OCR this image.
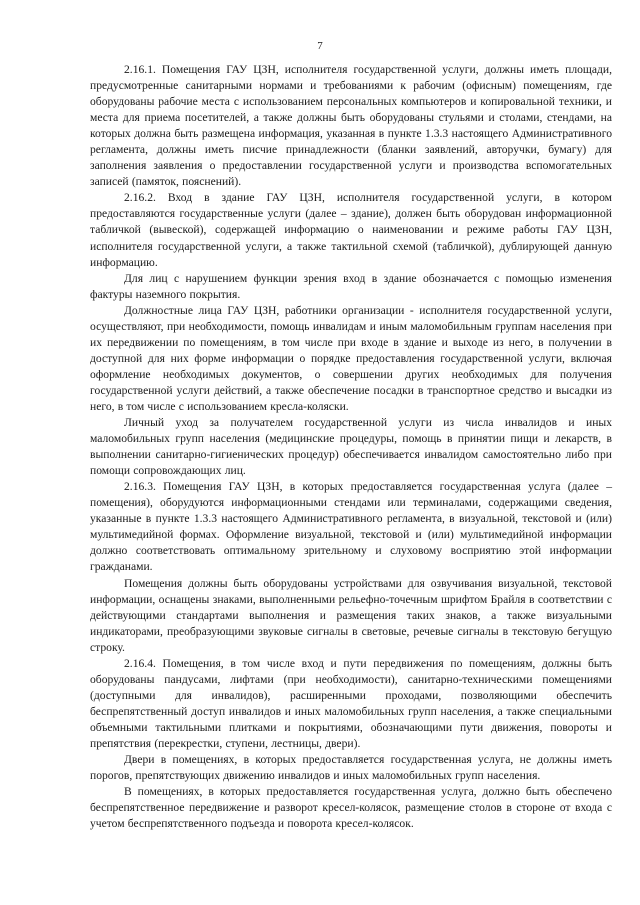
7

2.16.1. Помещения ГАУ ЦЗН, исполнителя государственной услуги, должны иметь площади, предусмотренные санитарными нормами и требованиями к рабочим (офисным) помещениям, где оборудованы рабочие места с использованием персональных компьютеров и копировальной техники, и места для приема посетителей, а также должны быть оборудованы стульями и столами, стендами, на которых должна быть размещена информация, указанная в пункте 1.3.3 настоящего Административного регламента, должны иметь писчие принадлежности (бланки заявлений, авторучки, бумагу) для заполнения заявления о предоставлении государственной услуги и производства вспомогательных записей (памяток, пояснений).

2.16.2. Вход в здание ГАУ ЦЗН, исполнителя государственной услуги, в котором предоставляются государственные услуги (далее – здание), должен быть оборудован информационной табличкой (вывеской), содержащей информацию о наименовании и режиме работы ГАУ ЦЗН, исполнителя государственной услуги, а также тактильной схемой (табличкой), дублирующей данную информацию.

Для лиц с нарушением функции зрения вход в здание обозначается с помощью изменения фактуры наземного покрытия.

Должностные лица ГАУ ЦЗН, работники организации - исполнителя государственной услуги, осуществляют, при необходимости, помощь инвалидам и иным маломобильным группам населения при их передвижении по помещениям, в том числе при входе в здание и выходе из него, в получении в доступной для них форме информации о порядке предоставления государственной услуги, включая оформление необходимых документов, о совершении других необходимых для получения государственной услуги действий, а также обеспечение посадки в транспортное средство и высадки из него, в том числе с использованием кресла-коляски.

Личный уход за получателем государственной услуги из числа инвалидов и иных маломобильных групп населения (медицинские процедуры, помощь в принятии пищи и лекарств, в выполнении санитарно-гигиенических процедур) обеспечивается инвалидом самостоятельно либо при помощи сопровождающих лиц.

2.16.3. Помещения ГАУ ЦЗН, в которых предоставляется государственная услуга (далее – помещения), оборудуются информационными стендами или терминалами, содержащими сведения, указанные в пункте 1.3.3 настоящего Административного регламента, в визуальной, текстовой и (или) мультимедийной формах. Оформление визуальной, текстовой и (или) мультимедийной информации должно соответствовать оптимальному зрительному и слуховому восприятию этой информации гражданами.

Помещения должны быть оборудованы устройствами для озвучивания визуальной, текстовой информации, оснащены знаками, выполненными рельефно-точечным шрифтом Брайля в соответствии с действующими стандартами выполнения и размещения таких знаков, а также визуальными индикаторами, преобразующими звуковые сигналы в световые, речевые сигналы в текстовую бегущую строку.

2.16.4. Помещения, в том числе вход и пути передвижения по помещениям, должны быть оборудованы пандусами, лифтами (при необходимости), санитарно-техническими помещениями (доступными для инвалидов), расширенными проходами, позволяющими обеспечить беспрепятственный доступ инвалидов и иных маломобильных групп населения, а также специальными объемными тактильными плитками и покрытиями, обозначающими пути движения, повороты и препятствия (перекрестки, ступени, лестницы, двери).

Двери в помещениях, в которых предоставляется государственная услуга, не должны иметь порогов, препятствующих движению инвалидов и иных маломобильных групп населения.

В помещениях, в которых предоставляется государственная услуга, должно быть обеспечено беспрепятственное передвижение и разворот кресел-колясок, размещение столов в стороне от входа с учетом беспрепятственного подъезда и поворота кресел-колясок.
